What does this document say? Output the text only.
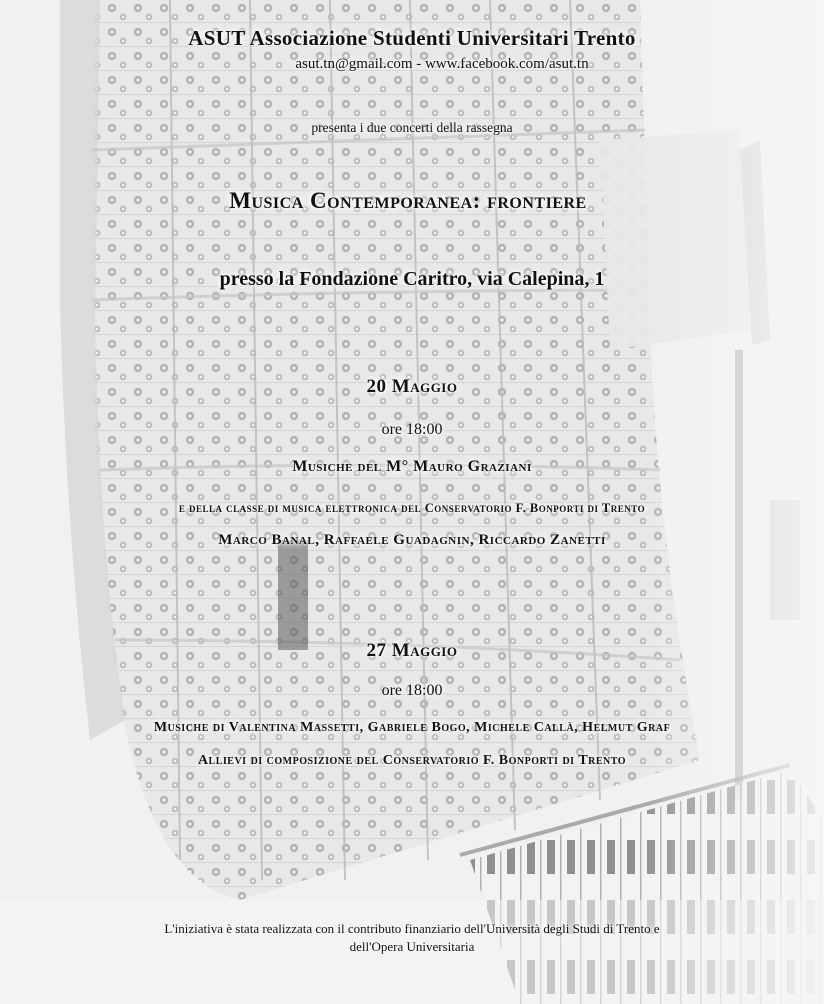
ASUT Associazione Studenti Universitari Trento
asut.tn@gmail.com - www.facebook.com/asut.tn
presenta i due concerti della rassegna
Musica Contemporanea: frontiere
presso la Fondazione Caritro, via Calepina, 1
20 Maggio
ore 18:00
Musiche del M° Mauro Graziani
e della classe di musica elettronica del Conservatorio F. Bonporti di Trento
Marco Banal, Raffaele Guadagnin, Riccardo Zanetti
27 Maggio
ore 18:00
Musiche di Valentina Massetti, Gabriele Bogo, Michele Callà, Helmut Graf
Allievi di composizione del Conservatorio F. Bonporti di Trento
L'iniziativa è stata realizzata con il contributo finanziario dell'Università degli Studi di Trento e
dell'Opera Universitaria
